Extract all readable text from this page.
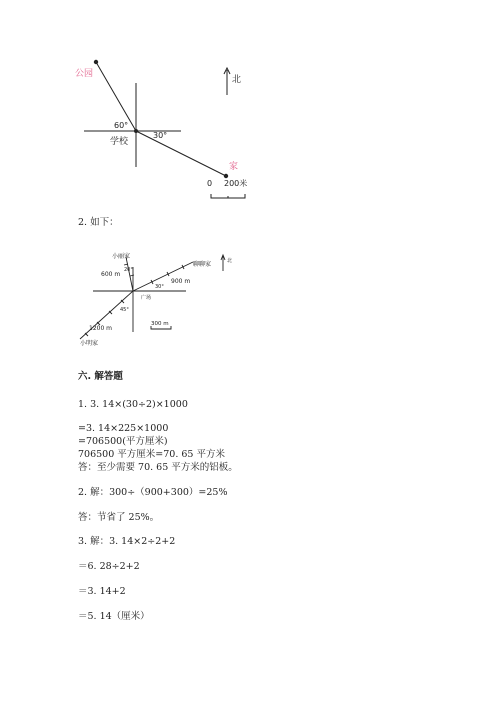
公园
学校
家
北
60°
30°
0 200米
2. 如下：
小丽家
聊聊家
小明家
广场
600 m
900 m
1200 m
20°
30°
45°
300 m
北
六. 解答题
1. 3. 14×(30÷2)×1000
=3. 14×225×1000
=706500(平方厘米)
706500 平方厘米=70. 65 平方米
答：至少需要 70. 65 平方米的铝板。
2. 解：300÷（900+300）=25%
答：节省了 25%。
3. 解：3. 14×2÷2+2
＝6. 28÷2+2
＝3. 14+2
＝5. 14（厘米）
